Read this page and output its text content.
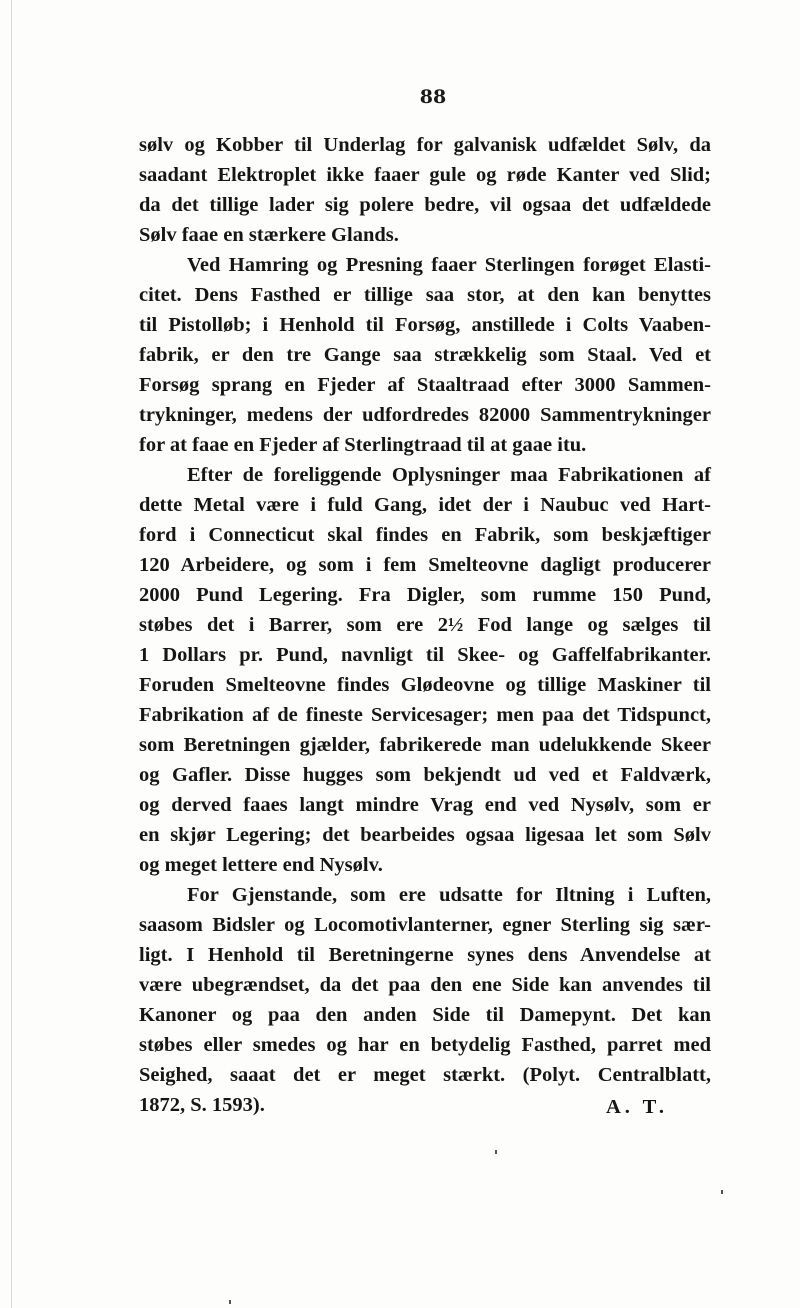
88
sølv og Kobber til Underlag for galvanisk udfældet Sølv, da
saadant Elektroplet ikke faaer gule og røde Kanter ved Slid;
da det tillige lader sig polere bedre, vil ogsaa det udfældede
Sølv faae en stærkere Glands.
Ved Hamring og Presning faaer Sterlingen forøget Elasti-
citet. Dens Fasthed er tillige saa stor, at den kan benyttes
til Pistolløb; i Henhold til Forsøg, anstillede i Colts Vaaben-
fabrik, er den tre Gange saa strækkelig som Staal. Ved et
Forsøg sprang en Fjeder af Staaltraad efter 3000 Sammen-
trykninger, medens der udfordredes 82000 Sammentrykninger
for at faae en Fjeder af Sterlingtraad til at gaae itu.
Efter de foreliggende Oplysninger maa Fabrikationen af
dette Metal være i fuld Gang, idet der i Naubuc ved Hart-
ford i Connecticut skal findes en Fabrik, som beskjæftiger
120 Arbeidere, og som i fem Smelteovne dagligt producerer
2000 Pund Legering. Fra Digler, som rumme 150 Pund,
støbes det i Barrer, som ere 2½ Fod lange og sælges til
1 Dollars pr. Pund, navnligt til Skee- og Gaffelfabrikanter.
Foruden Smelteovne findes Glødeovne og tillige Maskiner til
Fabrikation af de fineste Servicesager; men paa det Tidspunct,
som Beretningen gjælder, fabrikerede man udelukkende Skeer
og Gafler. Disse hugges som bekjendt ud ved et Faldværk,
og derved faaes langt mindre Vrag end ved Nysølv, som er
en skjør Legering; det bearbeides ogsaa ligesaa let som Sølv
og meget lettere end Nysølv.
For Gjenstande, som ere udsatte for Iltning i Luften,
saasom Bidsler og Locomotivlanterner, egner Sterling sig sær-
ligt. I Henhold til Beretningerne synes dens Anvendelse at
være ubegrændset, da det paa den ene Side kan anvendes til
Kanoner og paa den anden Side til Damepynt. Det kan
støbes eller smedes og har en betydelig Fasthed, parret med
Seighed, saaat det er meget stærkt. (Polyt. Centralblatt,
1872, S. 1593).	A. T.
